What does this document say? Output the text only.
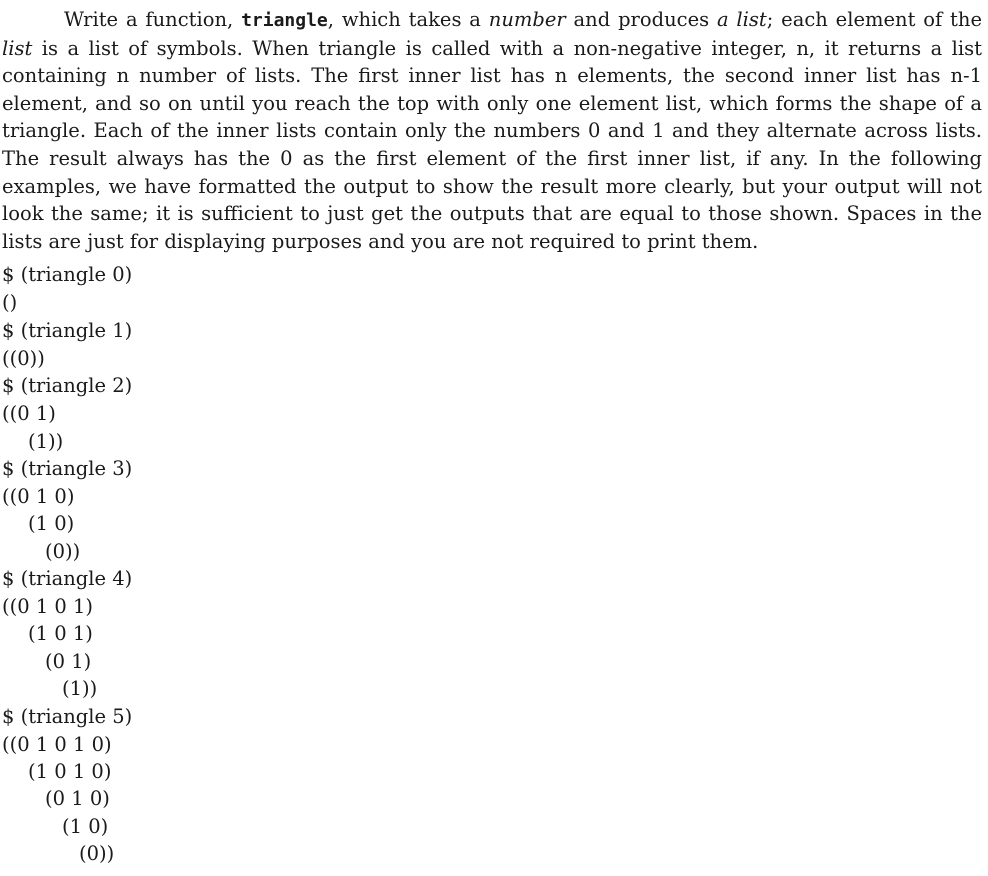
Write a function, triangle, which takes a number and produces a list; each element of the list is a list of symbols. When triangle is called with a non-negative integer, n, it returns a list containing n number of lists. The first inner list has n elements, the second inner list has n-1 element, and so on until you reach the top with only one element list, which forms the shape of a triangle. Each of the inner lists contain only the numbers 0 and 1 and they alternate across lists. The result always has the 0 as the first element of the first inner list, if any. In the following examples, we have formatted the output to show the result more clearly, but your output will not look the same; it is sufficient to just get the outputs that are equal to those shown. Spaces in the lists are just for displaying purposes and you are not required to print them.

$ (triangle 0)
()
$ (triangle 1)
((0))
$ (triangle 2)
((0 1)
(1))
$ (triangle 3)
((0 1 0)
(1 0)
(0))
$ (triangle 4)
((0 1 0 1)
(1 0 1)
(0 1)
(1))
$ (triangle 5)
((0 1 0 1 0)
(1 0 1 0)
(0 1 0)
(1 0)
(0))
